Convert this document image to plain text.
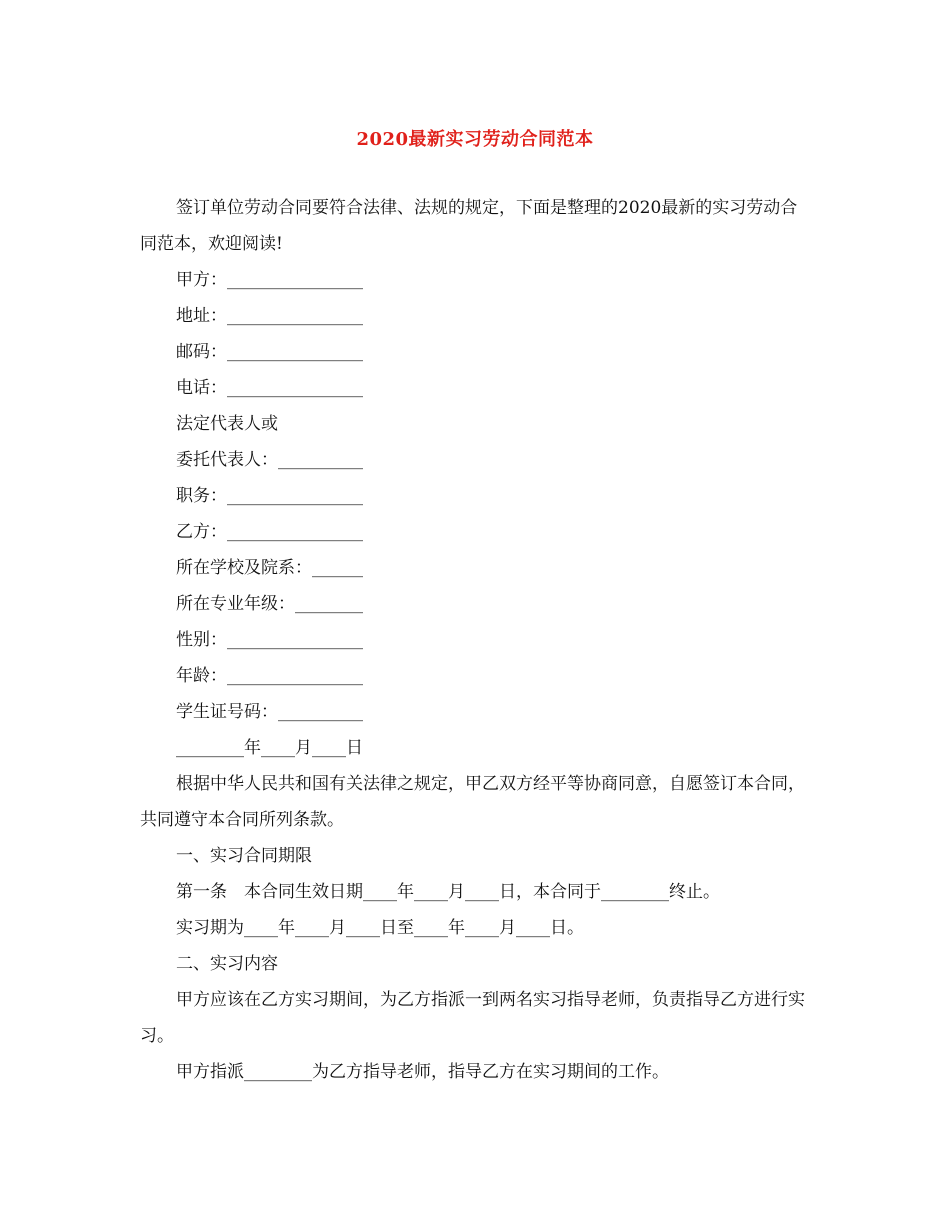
2020最新实习劳动合同范本

签订单位劳动合同要符合法律、法规的规定，下面是整理的2020最新的实习劳动合同范本，欢迎阅读!

甲方：________________

地址：________________

邮码：________________

电话：________________

法定代表人或

委托代表人：__________

职务：________________

乙方：________________

所在学校及院系：______

所在专业年级：________

性别：________________

年龄：________________

学生证号码：__________

________年____月____日

根据中华人民共和国有关法律之规定，甲乙双方经平等协商同意，自愿签订本合同，共同遵守本合同所列条款。

一、实习合同期限

第一条　本合同生效日期____年____月____日，本合同于________终止。

实习期为____年____月____日至____年____月____日。

二、实习内容

甲方应该在乙方实习期间，为乙方指派一到两名实习指导老师，负责指导乙方进行实习。

甲方指派________为乙方指导老师，指导乙方在实习期间的工作。
